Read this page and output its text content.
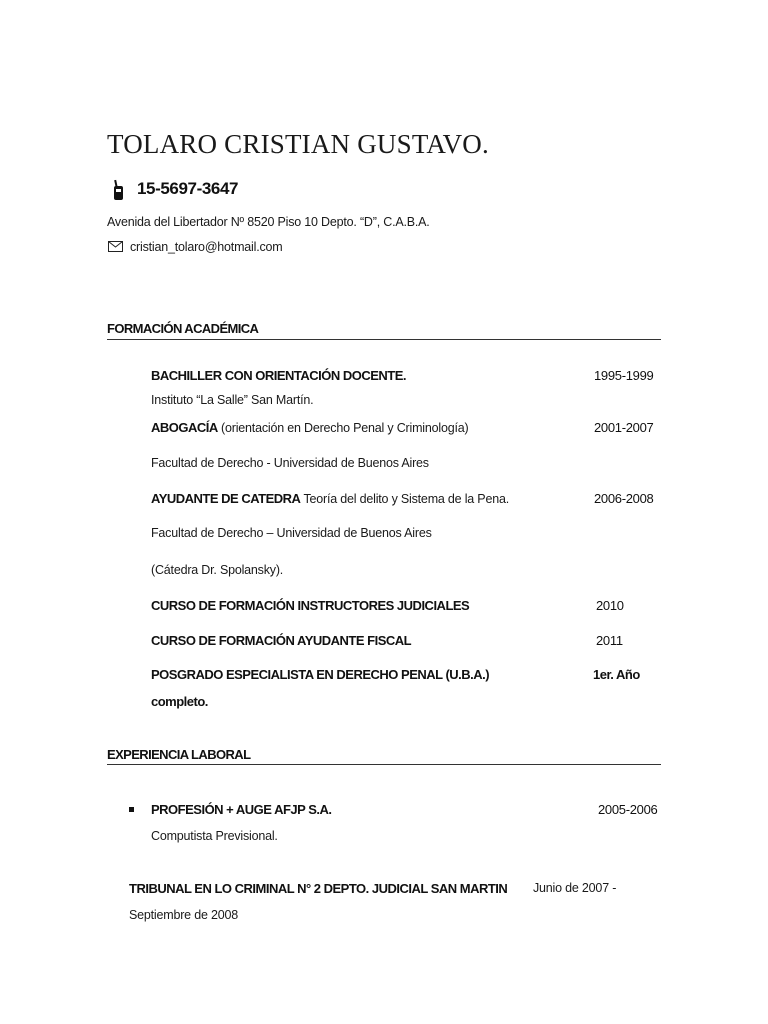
TOLARO CRISTIAN GUSTAVO.
15-5697-3647
Avenida del Libertador Nº 8520 Piso 10 Depto. “D”, C.A.B.A.
cristian_tolaro@hotmail.com
FORMACIÓN ACADÉMICA
BACHILLER CON ORIENTACIÓN DOCENTE.	1995-1999
Instituto “La Salle” San Martín.
ABOGACÍA (orientación en Derecho Penal y Criminología)	2001-2007
Facultad de Derecho - Universidad de Buenos Aires
AYUDANTE DE CATEDRA Teoría del delito y Sistema de la Pena.	2006-2008
Facultad de Derecho – Universidad de Buenos Aires
(Cátedra Dr. Spolansky).
CURSO DE FORMACIÓN INSTRUCTORES JUDICIALES	2010
CURSO DE FORMACIÓN AYUDANTE FISCAL	2011
POSGRADO ESPECIALISTA EN DERECHO PENAL (U.B.A.)	1er. Año
completo.
EXPERIENCIA LABORAL
PROFESIÓN + AUGE AFJP S.A.	2005-2006
Computista Previsional.
TRIBUNAL EN LO CRIMINAL N° 2 DEPTO. JUDICIAL SAN MARTIN Junio de 2007 -
Septiembre de 2008
